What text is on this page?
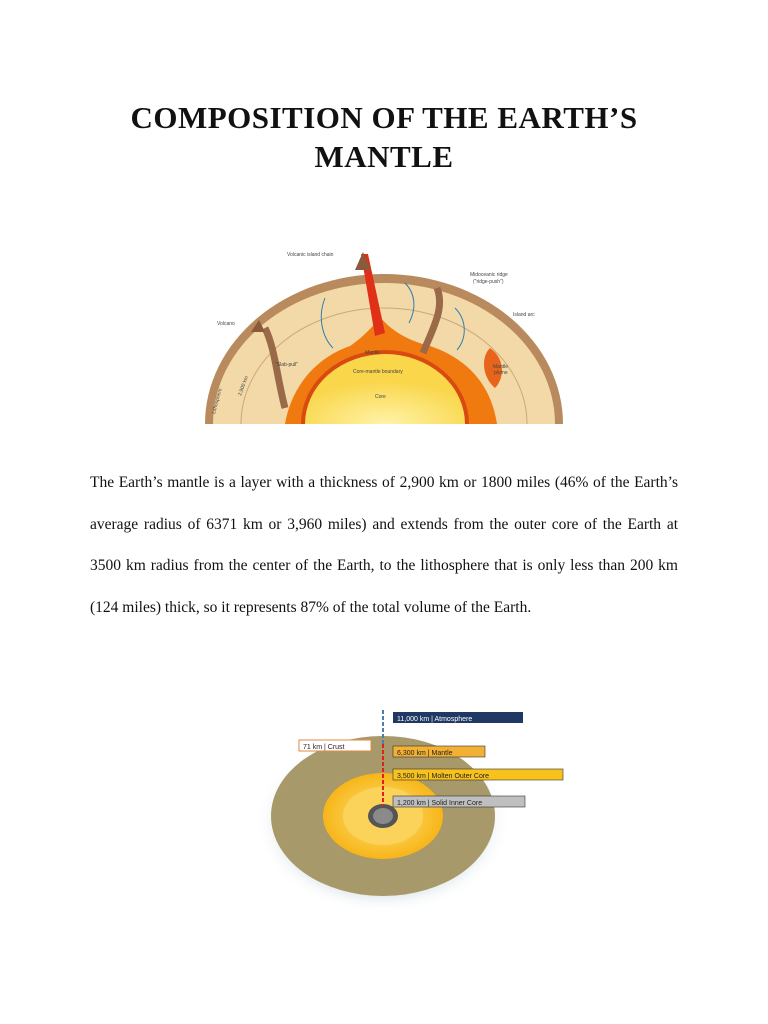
COMPOSITION OF THE EARTH’S
MANTLE
Volcanic island chain
Midoceanic ridge
("ridge-push")
Island arc
Volcano
"Slab-pull"
Mantle
Core-mantle boundary
Core
Mantle
plume
2,900 km
Lithosphere

The Earth’s mantle is a layer with a thickness of 2,900 km or 1800 miles (46% of the Earth’s average radius of 6371 km or 3,960 miles) and extends from the outer core of the Earth at 3500 km radius from the center of the Earth, to the lithosphere that is only less than 200 km (124 miles) thick, so it represents 87% of the total volume of the Earth.

11,000 km | Atmosphere
71 km | Crust
6,300 km | Mantle
3,500 km | Molten Outer Core
1,200 km | Solid Inner Core
